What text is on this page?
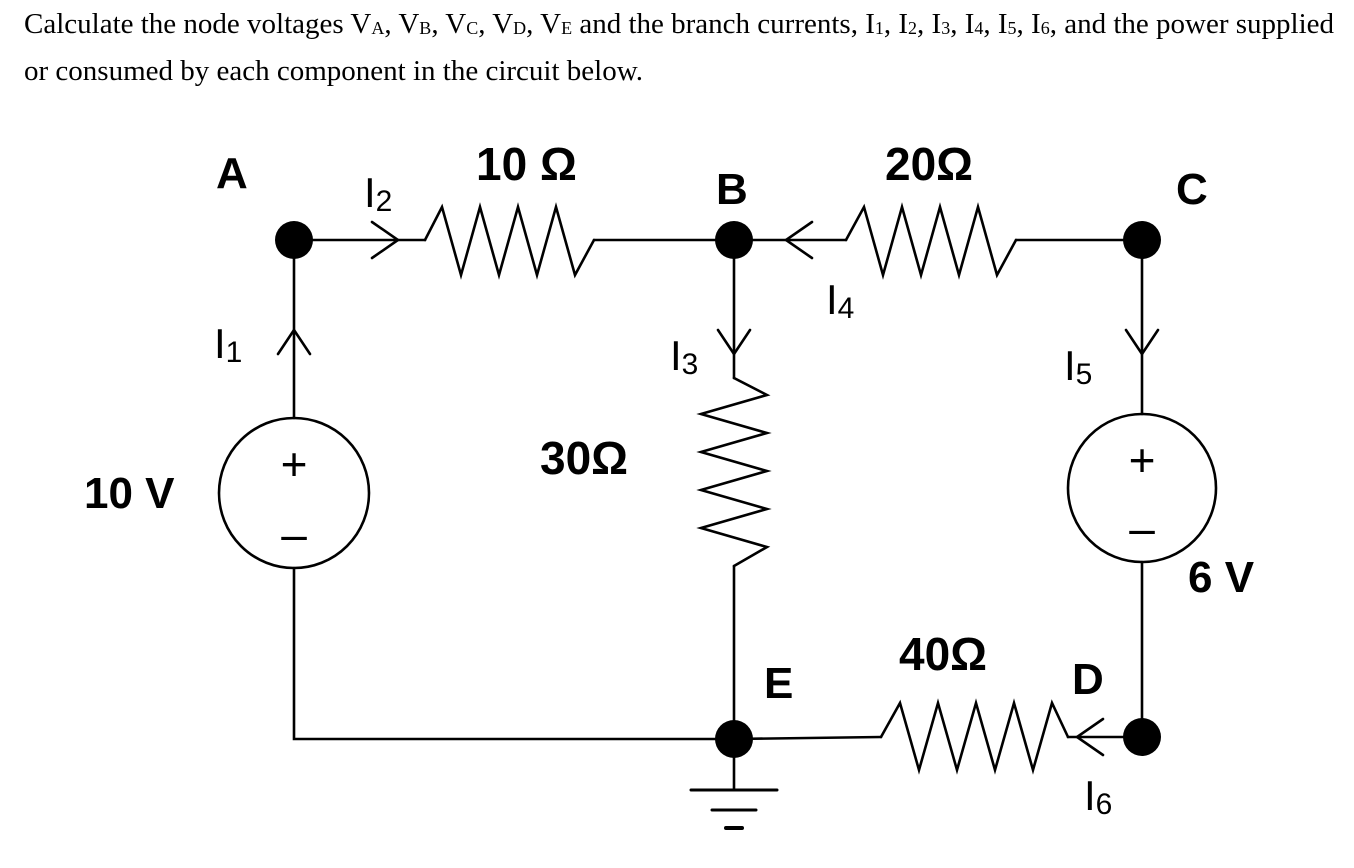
Calculate the node voltages $V_A$, $V_B$, $V_C$, $V_D$, $V_E$ and the branch currents, $I_1$, $I_2$, $I_3$, $I_4$, $I_5$, $I_6$, and the power supplied or consumed by each component in the circuit below.
A	B	C
D
E
10 Ω	20Ω
30Ω
40Ω
10 V
6 V
+
–
+
–
I1
I2
I3
I4
I5
I6
